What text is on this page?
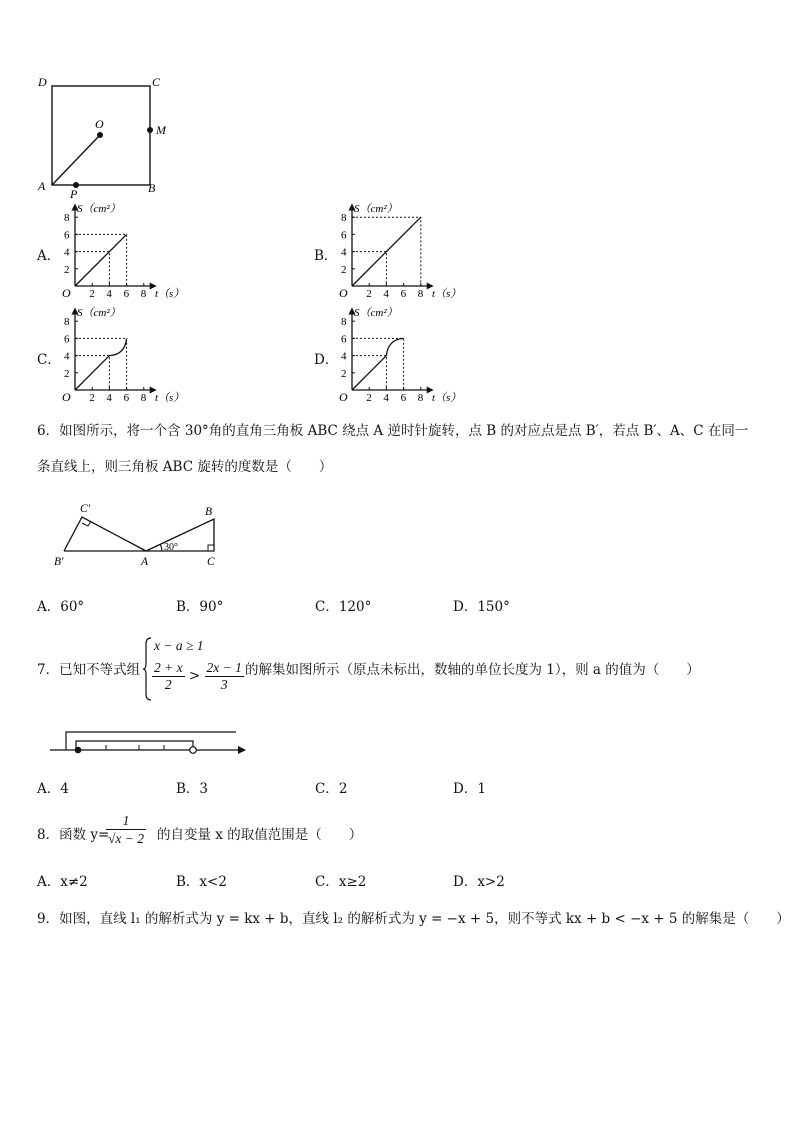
D	C
A	B
O	M
P
A．
2
4
6
8
2 4 6 8
O
S（cm²）
t（s）
B．
2
4
6
8
2 4 6 8
O
S（cm²）
t（s）
C．
2
4
6
8
2 4 6 8
O
S（cm²）
t（s）
D．
2
4
6
8
2 4 6 8
O
S（cm²）
t（s）
6．如图所示，将一个含 30°角的直角三角板 ABC 绕点 A 逆时针旋转，点 B 的对应点是点 B′，若点 B′、A、C 在同一
条直线上，则三角板 ABC 旋转的度数是（　　）
C′
B′	A
B
C
30°
A．60°	B．90°	C．120°	D．150°
7．已知不等式组
x − a ≥ 1
$\frac{2 + x}{2} > \frac{2x - 1}{3}$ 的解集如图所示（原点未标出，数轴的单位长度为 1），则 a 的值为（　　）
A．4	B．3	C．2	D．1
8．函数 y=
$\frac{1}{√x - 2}$ 的自变量 x 的取值范围是（　　）
A．x≠2	B．x<2	C．x≥2	D．x>2
9．如图，直线 l₁ 的解析式为 y = kx + b，直线 l₂ 的解析式为 y = −x + 5，则不等式 kx + b < −x + 5 的解集是（　　）
